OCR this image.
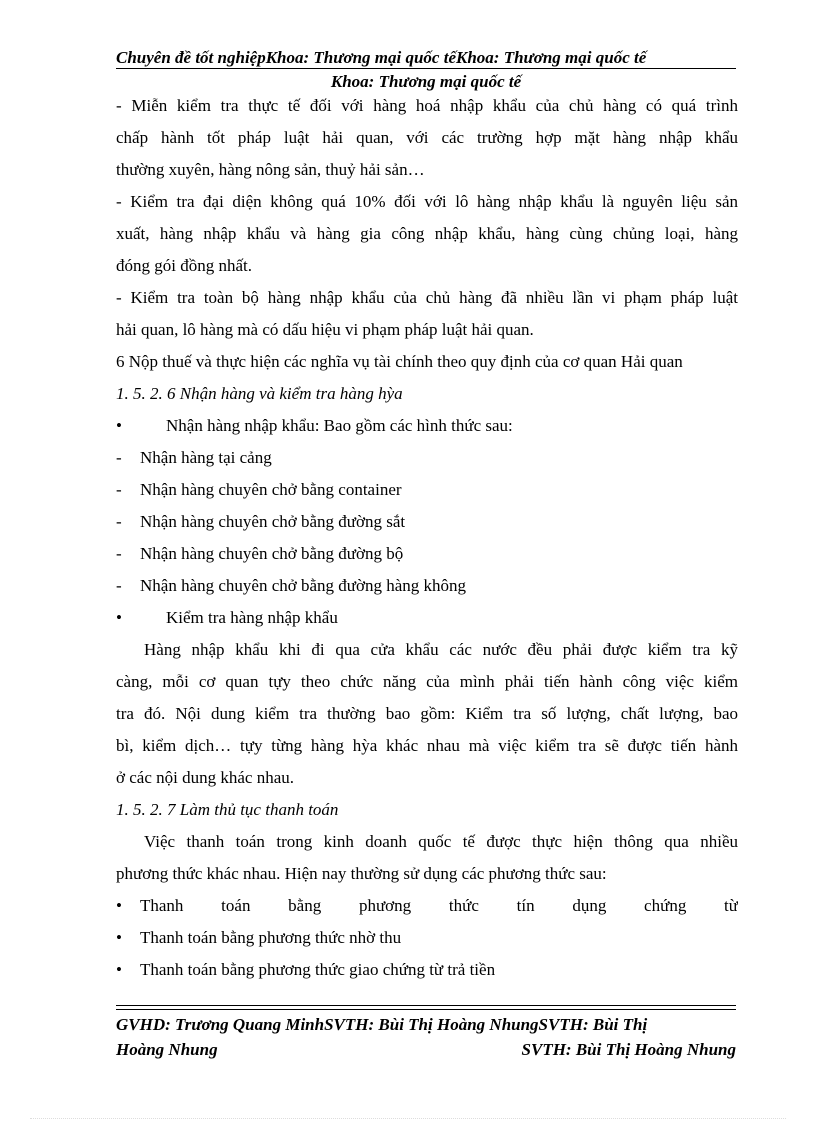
Chuyên đề tốt nghiệpKhoa: Thương mại quốc tếKhoa: Thương mại quốc tế
Khoa: Thương mại quốc tế
- Miễn kiểm tra thực tế đối với hàng hoá nhập khẩu của chủ hàng có quá trình
chấp hành tốt pháp luật hải quan, với các trường hợp mặt hàng nhập khẩu
thường xuyên, hàng nông sản, thuỷ hải sản…
- Kiểm tra đại diện không quá 10% đối với lô hàng nhập khẩu là nguyên liệu sản
xuất, hàng nhập khẩu và hàng gia công nhập khẩu, hàng cùng chủng loại, hàng
đóng gói đồng nhất.
- Kiểm tra toàn bộ hàng nhập khẩu của chủ hàng đã nhiều lần vi phạm pháp luật
hải quan, lô hàng mà có dấu hiệu vi phạm pháp luật hải quan.
6 Nộp thuế và thực hiện các nghĩa vụ tài chính theo quy định của cơ quan Hải quan
1. 5. 2. 6 Nhận hàng và kiểm tra hàng hỳa
•	Nhận hàng nhập khẩu: Bao gồm các hình thức sau:
- Nhận hàng tại cảng
- Nhận hàng chuyên chở bằng container
- Nhận hàng chuyên chở bằng đường sắt
- Nhận hàng chuyên chở bằng đường bộ
- Nhận hàng chuyên chở bằng đường hàng không
•	Kiểm tra hàng nhập khẩu
Hàng nhập khẩu khi đi qua cửa khẩu các nước đều phải được kiểm tra kỹ
càng, mỗi cơ quan tựy theo chức năng của mình phải tiến hành công việc kiểm
tra đó. Nội dung kiểm tra thường bao gồm: Kiểm tra số lượng, chất lượng, bao
bì, kiểm dịch… tựy từng hàng hỳa khác nhau mà việc kiểm tra sẽ được tiến hành
ở các nội dung khác nhau.
1. 5. 2. 7 Làm thủ tục thanh toán
Việc thanh toán trong kinh doanh quốc tế được thực hiện thông qua nhiều
phương thức khác nhau. Hiện nay thường sử dụng các phương thức sau:
• Thanh toán bằng phương thức tín dụng chứng từ
• Thanh toán bằng phương thức nhờ thu
• Thanh toán bằng phương thức giao chứng từ trả tiền
GVHD: Trương Quang MinhSVTH: Bùi Thị Hoàng NhungSVTH: Bùi Thị
Hoàng Nhung	SVTH: Bùi Thị Hoàng Nhung
